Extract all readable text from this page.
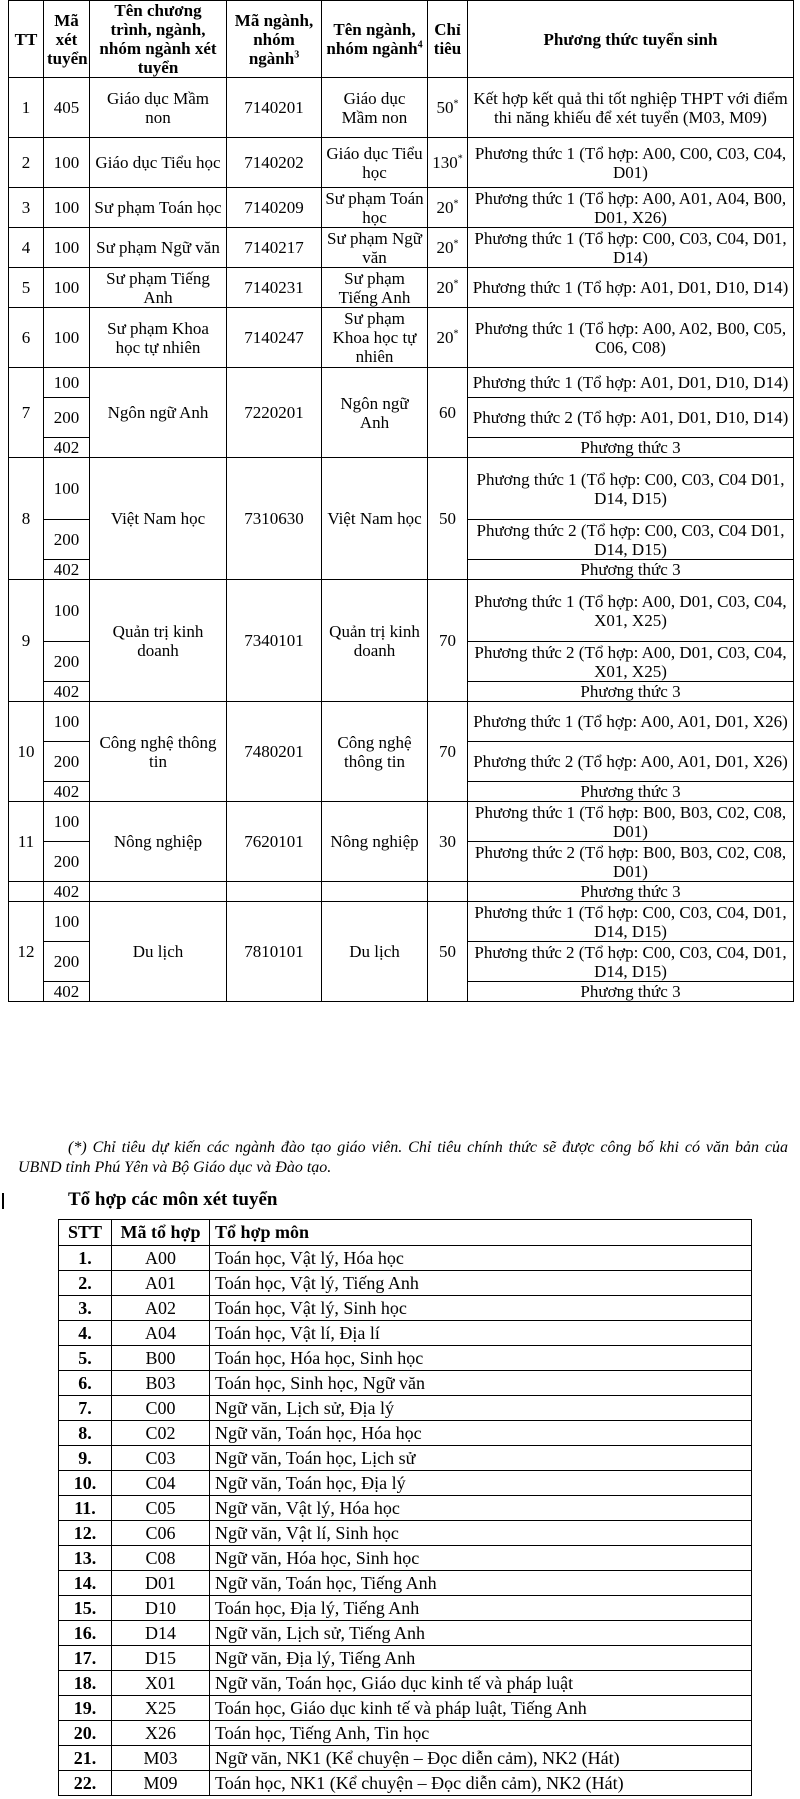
TT	Mã xét tuyển	Tên chương trình, ngành, nhóm ngành xét tuyển	Mã ngành, nhóm ngành$^3$	Tên ngành, nhóm ngành$^4$	Chỉ tiêu	Phương thức tuyển sinh
1	405	Giáo dục Mầm non	7140201	Giáo dục Mầm non	50*	Kết hợp kết quả thi tốt nghiệp THPT với điểm thi năng khiếu để xét tuyển (M03, M09)
2	100	Giáo dục Tiểu học	7140202	Giáo dục Tiểu học	130*	Phương thức 1 (Tổ hợp: A00, C00, C03, C04, D01)
3	100	Sư phạm Toán học	7140209	Sư phạm Toán học	20*	Phương thức 1 (Tổ hợp: A00, A01, A04, B00, D01, X26)
4	100	Sư phạm Ngữ văn	7140217	Sư phạm Ngữ văn	20*	Phương thức 1 (Tổ hợp: C00, C03, C04, D01, D14)
5	100	Sư phạm Tiếng Anh	7140231	Sư phạm Tiếng Anh	20*	Phương thức 1 (Tổ hợp: A01, D01, D10, D14)
6	100	Sư phạm Khoa học tự nhiên	7140247	Sư phạm Khoa học tự nhiên	20*	Phương thức 1 (Tổ hợp: A00, A02, B00, C05, C06, C08)
7	100	Ngôn ngữ Anh	7220201	Ngôn ngữ Anh	60	Phương thức 1 (Tổ hợp: A01, D01, D10, D14)
	200					Phương thức 2 (Tổ hợp: A01, D01, D10, D14)
	402					Phương thức 3
8	100	Việt Nam học	7310630	Việt Nam học	50	Phương thức 1 (Tổ hợp: C00, C03, C04 D01, D14, D15)
	200					Phương thức 2 (Tổ hợp: C00, C03, C04 D01, D14, D15)
	402					Phương thức 3
9	100	Quản trị kinh doanh	7340101	Quản trị kinh doanh	70	Phương thức 1 (Tổ hợp: A00, D01, C03, C04, X01, X25)
	200					Phương thức 2 (Tổ hợp: A00, D01, C03, C04, X01, X25)
	402					Phương thức 3
10	100	Công nghệ thông tin	7480201	Công nghệ thông tin	70	Phương thức 1 (Tổ hợp: A00, A01, D01, X26)
	200					Phương thức 2 (Tổ hợp: A00, A01, D01, X26)
	402					Phương thức 3
11	100	Nông nghiệp	7620101	Nông nghiệp	30	Phương thức 1 (Tổ hợp: B00, B03, C02, C08, D01)
	200					Phương thức 2 (Tổ hợp: B00, B03, C02, C08, D01)
	402					Phương thức 3
12	100	Du lịch	7810101	Du lịch	50	Phương thức 1 (Tổ hợp: C00, C03, C04, D01, D14, D15)
	200					Phương thức 2 (Tổ hợp: C00, C03, C04, D01, D14, D15)
	402					Phương thức 3
(*) Chỉ tiêu dự kiến các ngành đào tạo giáo viên. Chỉ tiêu chính thức sẽ được công bố khi có văn bản của UBND tỉnh Phú Yên và Bộ Giáo dục và Đào tạo.
Tổ hợp các môn xét tuyển
STT	Mã tổ hợp	Tổ hợp môn
1.	A00	Toán học, Vật lý, Hóa học
2.	A01	Toán học, Vật lý, Tiếng Anh
3.	A02	Toán học, Vật lý, Sinh học
4.	A04	Toán học, Vật lí, Địa lí
5.	B00	Toán học, Hóa học, Sinh học
6.	B03	Toán học, Sinh học, Ngữ văn
7.	C00	Ngữ văn, Lịch sử, Địa lý
8.	C02	Ngữ văn, Toán học, Hóa học
9.	C03	Ngữ văn, Toán học, Lịch sử
10.	C04	Ngữ văn, Toán học, Địa lý
11.	C05	Ngữ văn, Vật lý, Hóa học
12.	C06	Ngữ văn, Vật lí, Sinh học
13.	C08	Ngữ văn, Hóa học, Sinh học
14.	D01	Ngữ văn, Toán học, Tiếng Anh
15.	D10	Toán học, Địa lý, Tiếng Anh
16.	D14	Ngữ văn, Lịch sử, Tiếng Anh
17.	D15	Ngữ văn, Địa lý, Tiếng Anh
18.	X01	Ngữ văn, Toán học, Giáo dục kinh tế và pháp luật
19.	X25	Toán học, Giáo dục kinh tế và pháp luật, Tiếng Anh
20.	X26	Toán học, Tiếng Anh, Tin học
21.	M03	Ngữ văn, NK1 (Kể chuyện – Đọc diễn cảm), NK2 (Hát)
22.	M09	Toán học, NK1 (Kể chuyện – Đọc diễn cảm), NK2 (Hát)
